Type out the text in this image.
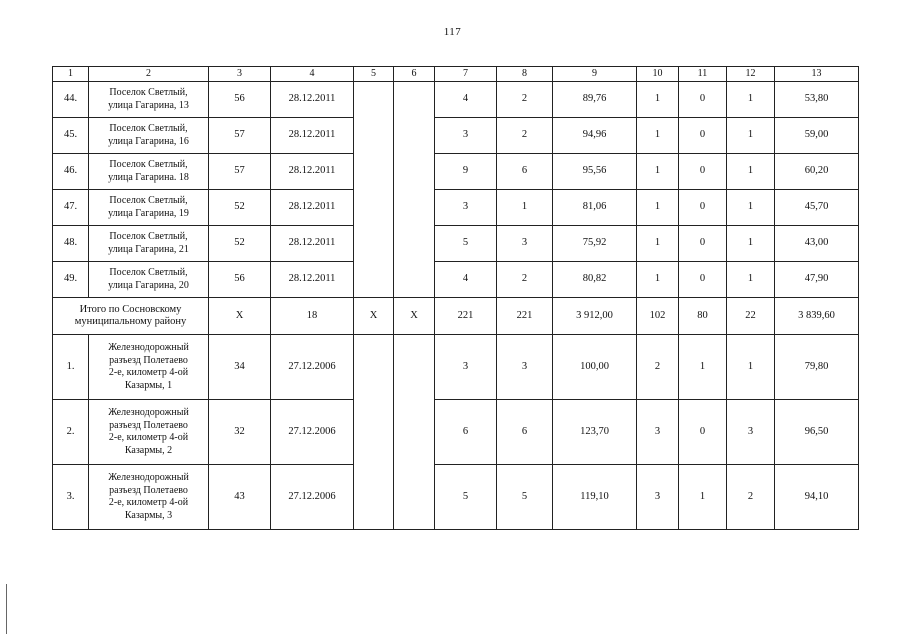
117
1	2	3	4	5	6	7	8	9	10	11	12	13
44.	Поселок Светлый,
улица Гагарина, 13	56	28.12.2011			4	2	89,76	1	0	1	53,80
45.	Поселок Светлый,
улица Гагарина, 16	57	28.12.2011			3	2	94,96	1	0	1	59,00
46.	Поселок Светлый,
улица Гагарина. 18	57	28.12.2011			9	6	95,56	1	0	1	60,20
47.	Поселок Светлый,
улица Гагарина, 19	52	28.12.2011			3	1	81,06	1	0	1	45,70
48.	Поселок Светлый,
улица Гагарина, 21	52	28.12.2011			5	3	75,92	1	0	1	43,00
49.	Поселок Светлый,
улица Гагарина, 20	56	28.12.2011			4	2	80,82	1	0	1	47,90

Итого по Сосновскому
муниципальному району		X	18	X	X	221	221	3 912,00	102	80	22	3 839,60
1.	Железнодорожный
разъезд Полетаево
2-е, километр 4-ой
Казармы, 1	34	27.12.2006			3	3	100,00	2	1	1	79,80
2.	Железнодорожный
разъезд Полетаево
2-е, километр 4-ой
Казармы, 2	32	27.12.2006			6	6	123,70	3	0	3	96,50
3.	Железнодорожный
разъезд Полетаево
2-е, километр 4-ой
Казармы, 3	43	27.12.2006			5	5	119,10	3	1	2	94,10
